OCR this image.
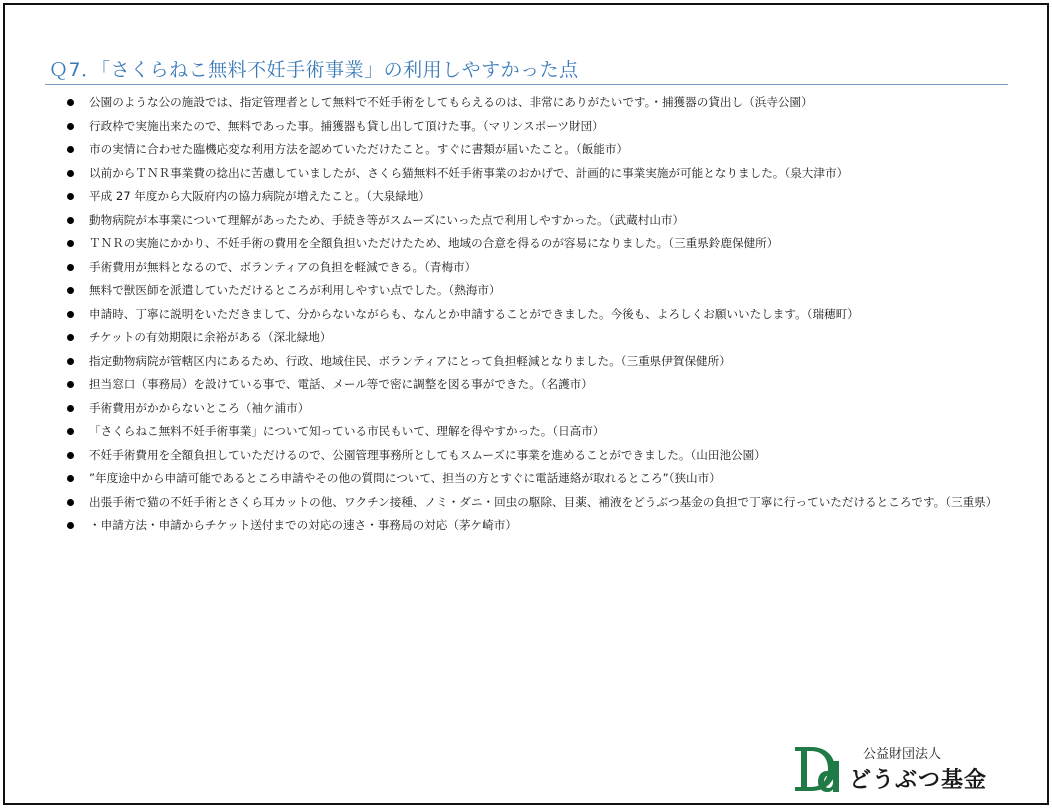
Ｑ7．「さくらねこ無料不妊手術事業」の利用しやすかった点
公園のような公の施設では、指定管理者として無料で不妊手術をしてもらえるのは、非常にありがたいです。・捕獲器の貸出し（浜寺公園）
行政枠で実施出来たので、無料であった事。捕獲器も貸し出して頂けた事。（マリンスポーツ財団）
市の実情に合わせた臨機応変な利用方法を認めていただけたこと。すぐに書類が届いたこと。（飯能市）
以前からＴＮＲ事業費の捻出に苦慮していましたが、さくら猫無料不妊手術事業のおかげで、計画的に事業実施が可能となりました。（泉大津市）
平成 27 年度から大阪府内の協力病院が増えたこと。（大泉緑地）
動物病院が本事業について理解があったため、手続き等がスムーズにいった点で利用しやすかった。（武蔵村山市）
ＴＮＲの実施にかかり、不妊手術の費用を全額負担いただけたため、地域の合意を得るのが容易になりました。（三重県鈴鹿保健所）
手術費用が無料となるので、ボランティアの負担を軽減できる。（青梅市）
無料で獣医師を派遣していただけるところが利用しやすい点でした。（熱海市）
申請時、丁寧に説明をいただきまして、分からないながらも、なんとか申請することができました。今後も、よろしくお願いいたします。（瑞穂町）
チケットの有効期限に余裕がある（深北緑地）
指定動物病院が管轄区内にあるため、行政、地域住民、ボランティアにとって負担軽減となりました。（三重県伊賀保健所）
担当窓口（事務局）を設けている事で、電話、メール等で密に調整を図る事ができた。（名護市）
手術費用がかからないところ（袖ケ浦市）
「さくらねこ無料不妊手術事業」について知っている市民もいて、理解を得やすかった。（日高市）
不妊手術費用を全額負担していただけるので、公園管理事務所としてもスムーズに事業を進めることができました。（山田池公園）
”年度途中から申請可能であるところ申請やその他の質問について、担当の方とすぐに電話連絡が取れるところ”（狭山市）
出張手術で猫の不妊手術とさくら耳カットの他、ワクチン接種、ノミ・ダニ・回虫の駆除、目薬、補液をどうぶつ基金の負担で丁寧に行っていただけるところです。（三重県）
・申請方法・申請からチケット送付までの対応の速さ・事務局の対応（茅ケ崎市）
公益財団法人
どうぶつ基金
